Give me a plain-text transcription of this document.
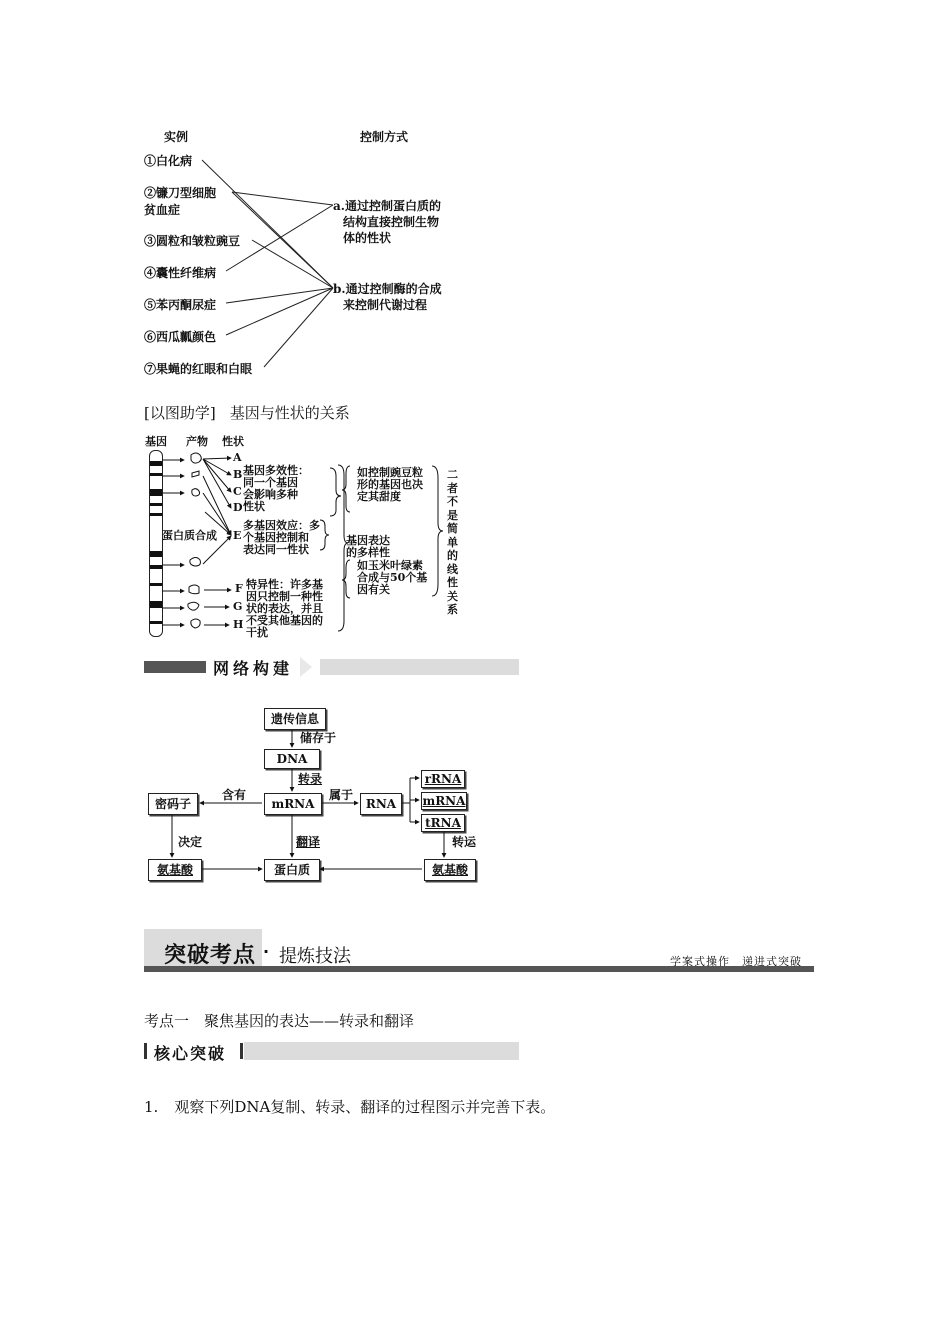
实例	控制方式
①白化病
②镰刀型细胞
贫血症
③圆粒和皱粒豌豆
④囊性纤维病
⑤苯丙酮尿症
⑥西瓜瓤颜色
⑦果蝇的红眼和白眼
a.通过控制蛋白质的
结构直接控制生物
体的性状
b.通过控制酶的合成
来控制代谢过程
[以图助学] 基因与性状的关系
基因 产物 性状
蛋白质合成
A
B
C
D
E
F
G
H
基因多效性：
同一个基因
会影响多种
性状
多基因效应：多
个基因控制和
表达同一性状
特异性：许多基
因只控制一种性
状的表达，并且
不受其他基因的
干扰
如控制豌豆粒
形的基因也决
定其甜度
基因表达
的多样性
如玉米叶绿素
合成与50个基
因有关
二者不是简单的线性关系
网络构建
遗传信息
DNA
mRNA
密码子	RNA
rRNA
mRNA
tRNA
氨基酸	蛋白质	氨基酸
储存于
转录
含有	属于
决定	翻译	转运
突破考点 · 提炼技法	学案式操作　递进式突破
考点一　聚焦基因的表达——转录和翻译
核心突破
1. 观察下列DNA复制、转录、翻译的过程图示并完善下表。
